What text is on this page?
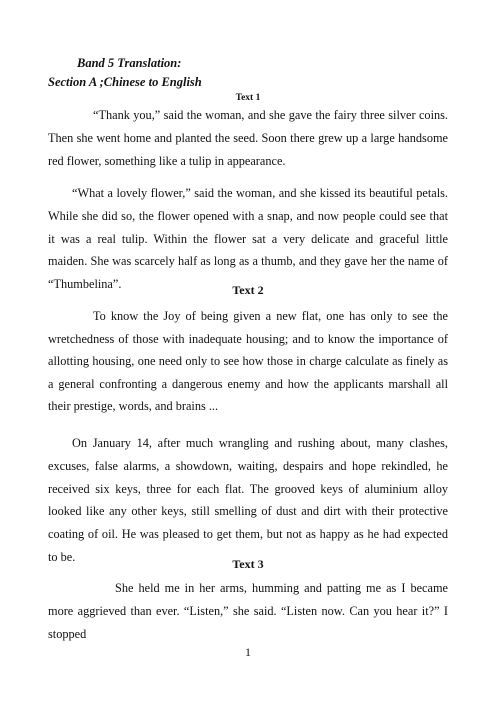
Band 5 Translation:
Section A ;Chinese to English
Text 1

“Thank you,” said the woman, and she gave the fairy three silver coins. Then she went home and planted the seed. Soon there grew up a large handsome red flower, something like a tulip in appearance.

“What a lovely flower,” said the woman, and she kissed its beautiful petals. While she did so, the flower opened with a snap, and now people could see that it was a real tulip. Within the flower sat a very delicate and graceful little maiden. She was scarcely half as long as a thumb, and they gave her the name of “Thumbelina”.	Text 2

To know the Joy of being given a new flat, one has only to see the wretchedness of those with inadequate housing; and to know the importance of allotting housing, one need only to see how those in charge calculate as finely as a general confronting a dangerous enemy and how the applicants marshall all their prestige, words, and brains ...

On January 14, after much wrangling and rushing about, many clashes, excuses, false alarms, a showdown, waiting, despairs and hope rekindled, he received six keys, three for each flat. The grooved keys of aluminium alloy looked like any other keys, still smelling of dust and dirt with their protective coating of oil. He was pleased to get them, but not as happy as he had expected to be.

Text 3

She held me in her arms, humming and patting me as I became more aggrieved than ever. “Listen,” she said. “Listen now. Can you hear it?” I stopped

1
